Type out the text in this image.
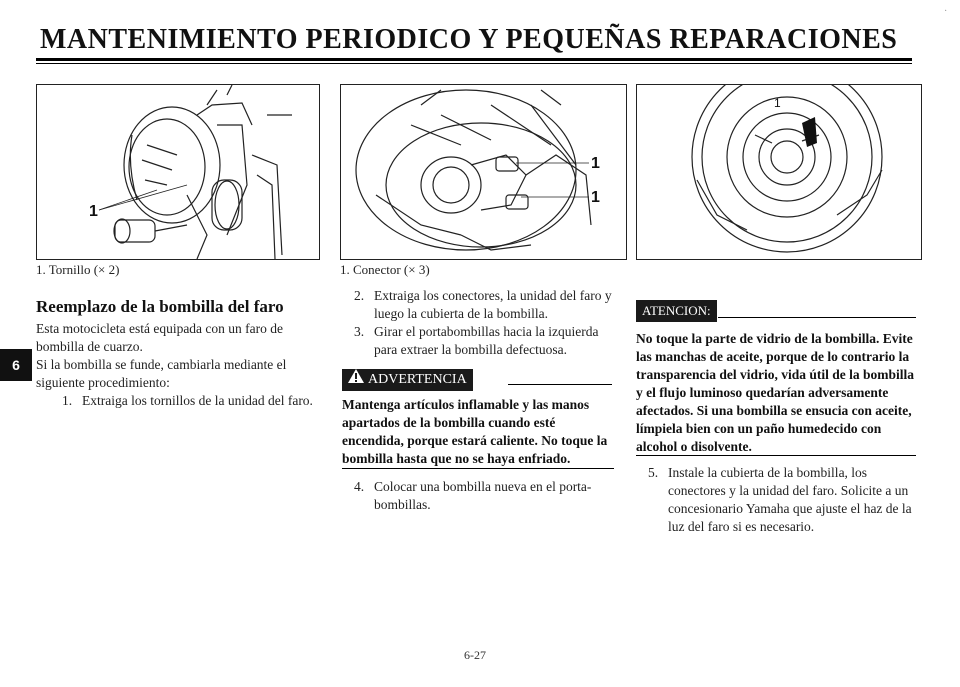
MANTENIMIENTO PERIODICO Y PEQUEÑAS REPARACIONES
·
1
1. Tornillo (× 2)
1
1
1. Conector (× 3)
1
6
Reemplazo de la bombilla del faro
Esta motocicleta está equipada con un faro de bombilla de cuarzo.
Si la bombilla se funde, cambiarla mediante el siguiente procedimiento:
1. Extraiga los tornillos de la unidad del faro.
2. Extraiga los conectores, la unidad del faro y luego la cubierta de la bombilla.
3. Girar el portabombillas hacia la izquierda para extraer la bombilla defectuosa.
ADVERTENCIA
Mantenga artículos inflamable y las manos apartados de la bombilla cuando esté encendida, porque estará caliente. No toque la bombilla hasta que no se haya enfriado.
4. Colocar una bombilla nueva en el porta-bombillas.
ATENCION:
No toque la parte de vidrio de la bombilla. Evite las manchas de aceite, porque de lo contrario la transparencia del vidrio, vida útil de la bombilla y el flujo luminoso quedarían adversamente afectados. Si una bombilla se ensucia con aceite, límpiela bien con un paño humedecido con alcohol o disolvente.
5. Instale la cubierta de la bombilla, los conectores y la unidad del faro. Solicite a un concesionario Yamaha que ajuste el haz de la luz del faro si es necesario.
6-27
